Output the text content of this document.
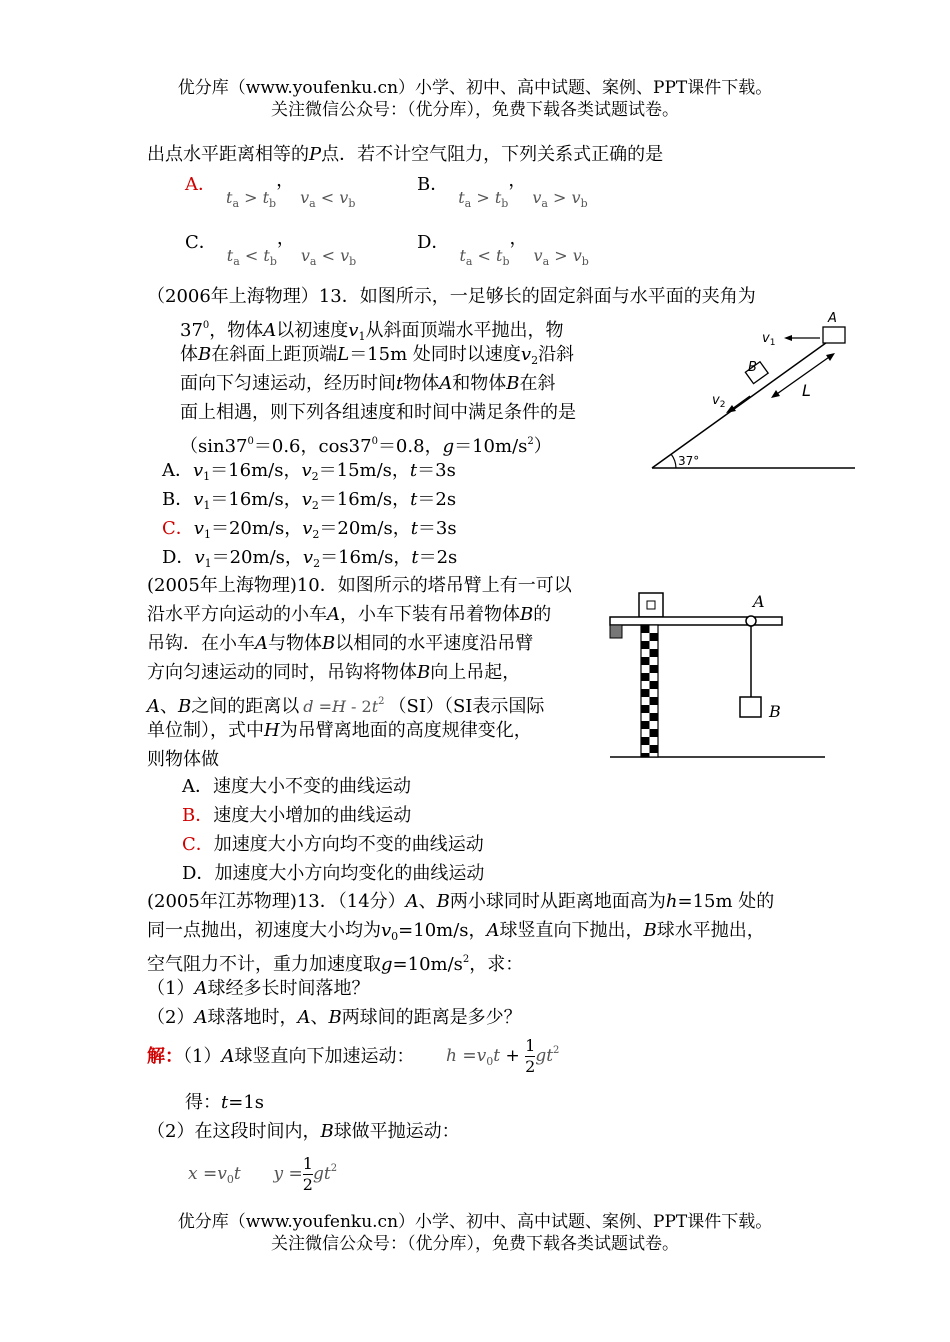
优分库（www.youfenku.cn）小学、初中、高中试题、案例、PPT课件下载。
关注微信公众号：（优分库），免费下载各类试题试卷。
出点水平距离相等的P点．若不计空气阻力，下列关系式正确的是
A．$t_a > t_b$，$v_a < v_b$
B．$t_a > t_b$，$v_a > v_b$
C．$t_a < t_b$，$v_a < v_b$
D．$t_a < t_b$，$v_a > v_b$
（2006年上海物理）13．如图所示，一足够长的固定斜面与水平面的夹角为
$37^0$，物体A以初速度$v_1$从斜面顶端水平抛出，物
体B在斜面上距顶端L＝15m 处同时以速度$v_2$沿斜
面向下匀速运动，经历时间t物体A和物体B在斜
面上相遇，则下列各组速度和时间中满足条件的是
（$\sin 37^0=0.6$，$\cos 37^0=0.8$，$g=10m/s^2$）
A．$v_1=16m/s$，$v_2=15m/s$，t＝3s
B．$v_1=16m/s$，$v_2=16m/s$，t＝2s
C．$v_1=20m/s$，$v_2=20m/s$，t＝3s
D．$v_1=20m/s$，$v_2=16m/s$，t＝2s
A
$v_1$
B
$v_2$
L
37°
(2005年上海物理)10．如图所示的塔吊臂上有一可以
沿水平方向运动的小车A，小车下装有吊着物体B的
吊钩．在小车A与物体B以相同的水平速度沿吊臂
方向匀速运动的同时，吊钩将物体B向上吊起，
A、B之间的距离以 $d =H - 2t^2$ （SI）（SI表示国际
单位制），式中H为吊臂离地面的高度规律变化，
则物体做
A．速度大小不变的曲线运动
B．速度大小增加的曲线运动
C．加速度大小方向均不变的曲线运动
D．加速度大小方向均变化的曲线运动
A
B
(2005年江苏物理)13．（14分）A、B两小球同时从距离地面高为h=15m 处的
同一点抛出，初速度大小均为$v_0=10m/s$，A球竖直向下抛出，B球水平抛出，
空气阻力不计，重力加速度取$g=10m/s^2$，求：
（1）A球经多长时间落地？
（2）A球落地时，A、B两球间的距离是多少？
解：（1）A球竖直向下加速运动： $h =v_0t + \frac{1}{2} gt^2$
得：t=1s
（2）在这段时间内，B球做平抛运动：
$x =v_0t$ $y = \frac{1}{2} gt^2$
优分库（www.youfenku.cn）小学、初中、高中试题、案例、PPT课件下载。
关注微信公众号：（优分库），免费下载各类试题试卷。
